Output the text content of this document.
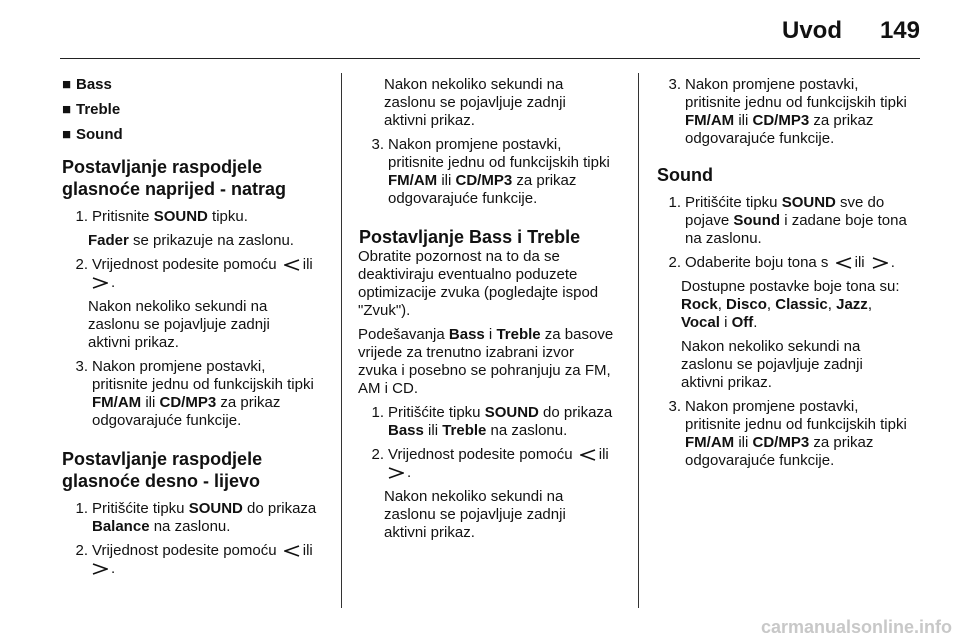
Uvod 149
■ Bass
■ Treble
■ Sound
Postavljanje raspodjele
glasnoće naprijed - natrag
1. Pritisnite SOUND tipku.
Fader se prikazuje na zaslonu.
2. Vrijednost podesite pomoću ili
.
Nakon nekoliko sekundi na
zaslonu se pojavljuje zadnji
aktivni prikaz.
3. Nakon promjene postavki,
pritisnite jednu od funkcijskih tipki
FM/AM ili CD/MP3 za prikaz
odgovarajuće funkcije.
Postavljanje raspodjele
glasnoće desno - lijevo
1. Pritišćite tipku SOUND do prikaza
Balance na zaslonu.
2. Vrijednost podesite pomoću ili
.
Nakon nekoliko sekundi na
zaslonu se pojavljuje zadnji
aktivni prikaz.
3. Nakon promjene postavki,
pritisnite jednu od funkcijskih tipki
FM/AM ili CD/MP3 za prikaz
odgovarajuće funkcije.
Postavljanje Bass i Treble

Obratite pozornost na to da se
deaktiviraju eventualno poduzete
optimizacije zvuka (pogledajte ispod
"Zvuk").

Podešavanja Bass i Treble za basove
vrijede za trenutno izabrani izvor
zvuka i posebno se pohranjuju za FM,
AM i CD.

1. Pritišćite tipku SOUND do prikaza
Bass ili Treble na zaslonu.
2. Vrijednost podesite pomoću ili
.
Nakon nekoliko sekundi na
zaslonu se pojavljuje zadnji
aktivni prikaz.
3. Nakon promjene postavki,
pritisnite jednu od funkcijskih tipki
FM/AM ili CD/MP3 za prikaz
odgovarajuće funkcije.
Sound
1. Pritišćite tipku SOUND sve do
pojave Sound i zadane boje tona
na zaslonu.
2. Odaberite boju tona s ili .
Dostupne postavke boje tona su:
Rock, Disco, Classic, Jazz,
Vocal i Off.
Nakon nekoliko sekundi na
zaslonu se pojavljuje zadnji
aktivni prikaz.
3. Nakon promjene postavki,
pritisnite jednu od funkcijskih tipki
FM/AM ili CD/MP3 za prikaz
odgovarajuće funkcije.
carmanualsonline.info
